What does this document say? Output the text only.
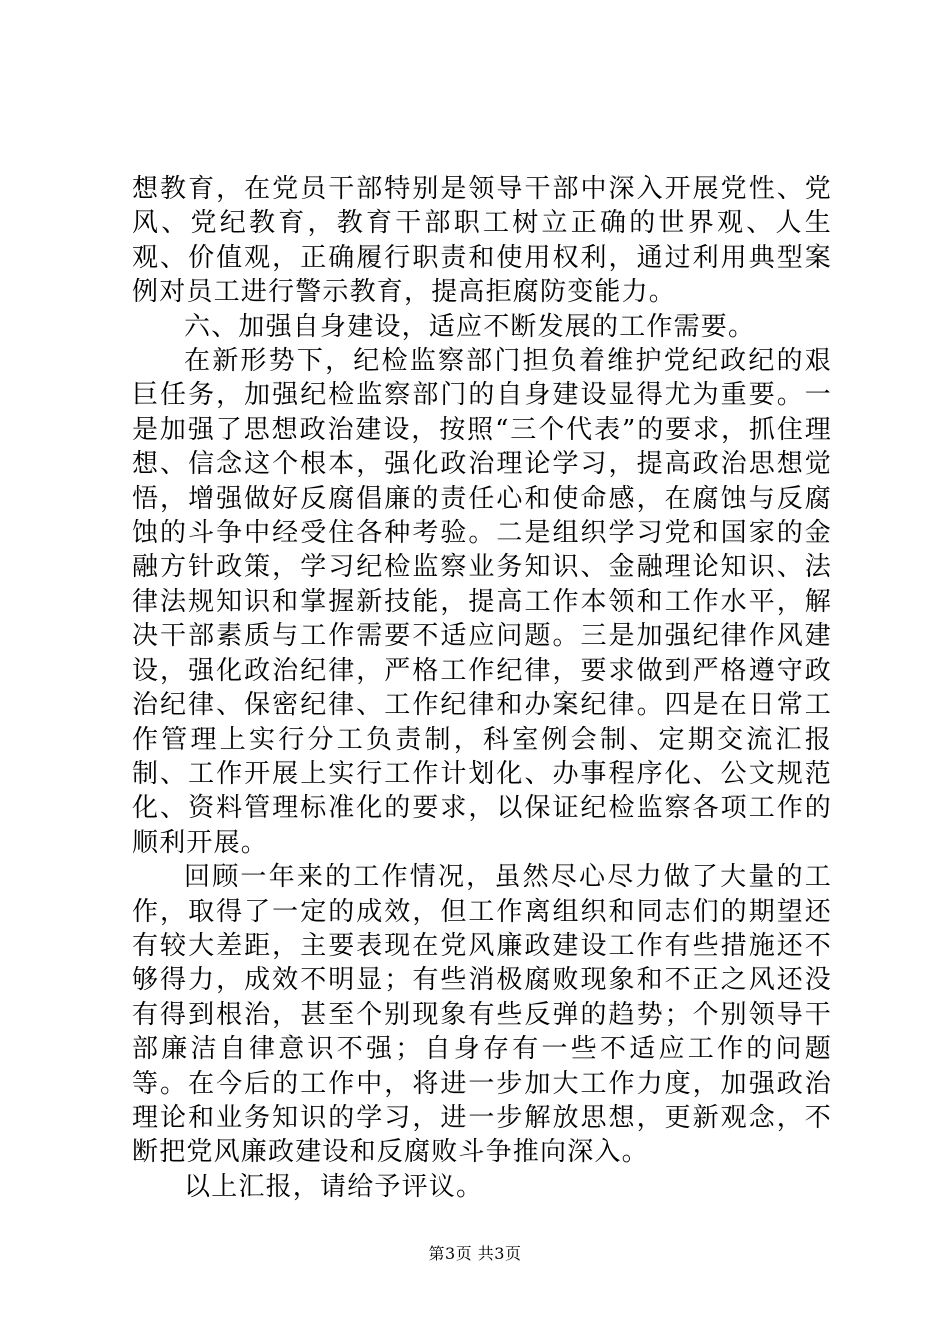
想教育，在党员干部特别是领导干部中深入开展党性、党风、党纪教育，教育干部职工树立正确的世界观、人生观、价值观，正确履行职责和使用权利，通过利用典型案例对员工进行警示教育，提高拒腐防变能力。

六、加强自身建设，适应不断发展的工作需要。

在新形势下，纪检监察部门担负着维护党纪政纪的艰巨任务，加强纪检监察部门的自身建设显得尤为重要。一是加强了思想政治建设，按照“三个代表”的要求，抓住理想、信念这个根本，强化政治理论学习，提高政治思想觉悟，增强做好反腐倡廉的责任心和使命感，在腐蚀与反腐蚀的斗争中经受住各种考验。二是组织学习党和国家的金融方针政策，学习纪检监察业务知识、金融理论知识、法律法规知识和掌握新技能，提高工作本领和工作水平，解决干部素质与工作需要不适应问题。三是加强纪律作风建设，强化政治纪律，严格工作纪律，要求做到严格遵守政治纪律、保密纪律、工作纪律和办案纪律。四是在日常工作管理上实行分工负责制，科室例会制、定期交流汇报制、工作开展上实行工作计划化、办事程序化、公文规范化、资料管理标准化的要求，以保证纪检监察各项工作的顺利开展。

回顾一年来的工作情况，虽然尽心尽力做了大量的工作，取得了一定的成效，但工作离组织和同志们的期望还有较大差距，主要表现在党风廉政建设工作有些措施还不够得力，成效不明显；有些消极腐败现象和不正之风还没有得到根治，甚至个别现象有些反弹的趋势；个别领导干部廉洁自律意识不强；自身存有一些不适应工作的问题等。在今后的工作中，将进一步加大工作力度，加强政治理论和业务知识的学习，进一步解放思想，更新观念，不断把党风廉政建设和反腐败斗争推向深入。

以上汇报，请给予评议。

第3页 共3页
